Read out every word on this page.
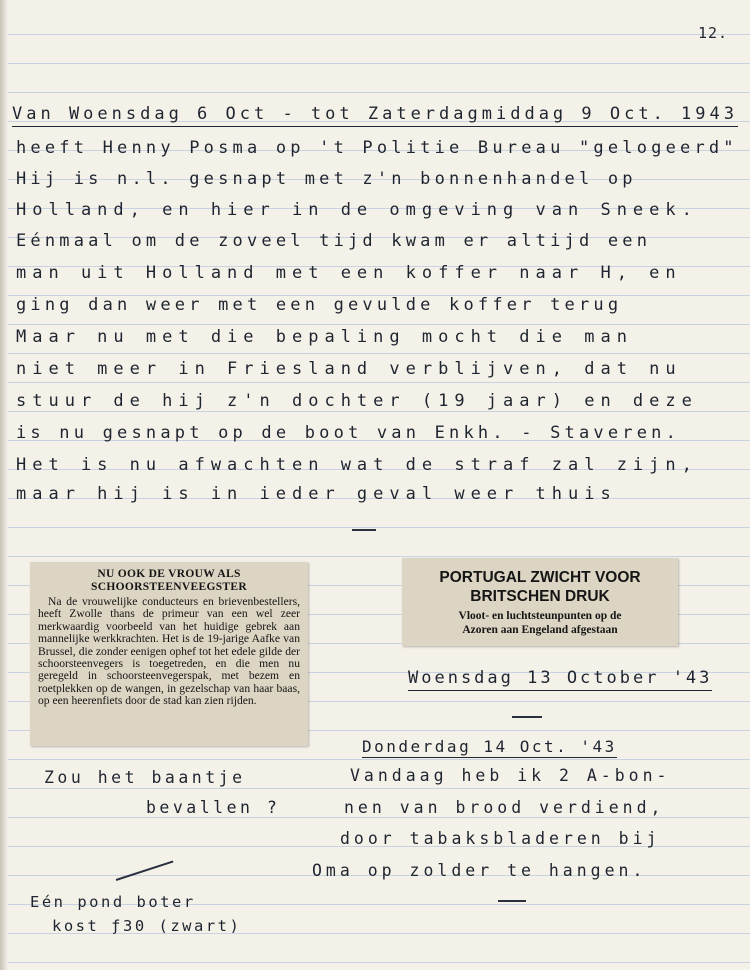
12.
Van Woensdag 6 Oct - tot Zaterdagmiddag 9 Oct. 1943
heeft Henny Posma op 't Politie Bureau "gelogeerd"
Hij is n.l. gesnapt met z'n bonnenhandel op
Holland, en hier in de omgeving van Sneek.
Eénmaal om de zoveel tijd kwam er altijd een
man uit Holland met een koffer naar H, en
ging dan weer met een gevulde koffer terug
Maar nu met die bepaling mocht die man
niet meer in Friesland verblijven, dat nu
stuur de hij z'n dochter (19 jaar) en deze
is nu gesnapt op de boot van Enkh. - Staveren.
Het is nu afwachten wat de straf zal zijn,
maar hij is in ieder geval weer thuis
NU OOK DE VROUW ALS
SCHOORSTEENVEEGSTER
Na de vrouwelijke conducteurs en brievenbestellers, heeft Zwolle thans de primeur van een wel zeer merkwaardig voorbeeld van het huidige gebrek aan mannelijke werkkrachten. Het is de 19-jarige Aafke van Brussel, die zonder eenigen ophef tot het edele gilde der schoorsteenvegers is toegetreden, en die men nu geregeld in schoorsteenvegerspak, met bezem en roetplekken op de wangen, in gezelschap van haar baas, op een heerenfiets door de stad kan zien rijden.
PORTUGAL ZWICHT VOOR
BRITSCHEN DRUK
Vloot- en luchtsteunpunten op de
Azoren aan Engeland afgestaan
Woensdag 13 October '43
Donderdag 14 Oct. '43
Vandaag heb ik 2 A-bon-
nen van brood verdiend,
door tabaksbladeren bij
Oma op zolder te hangen.
Zou het baantje
bevallen ?
Eén pond boter
kost ƒ30 (zwart)
